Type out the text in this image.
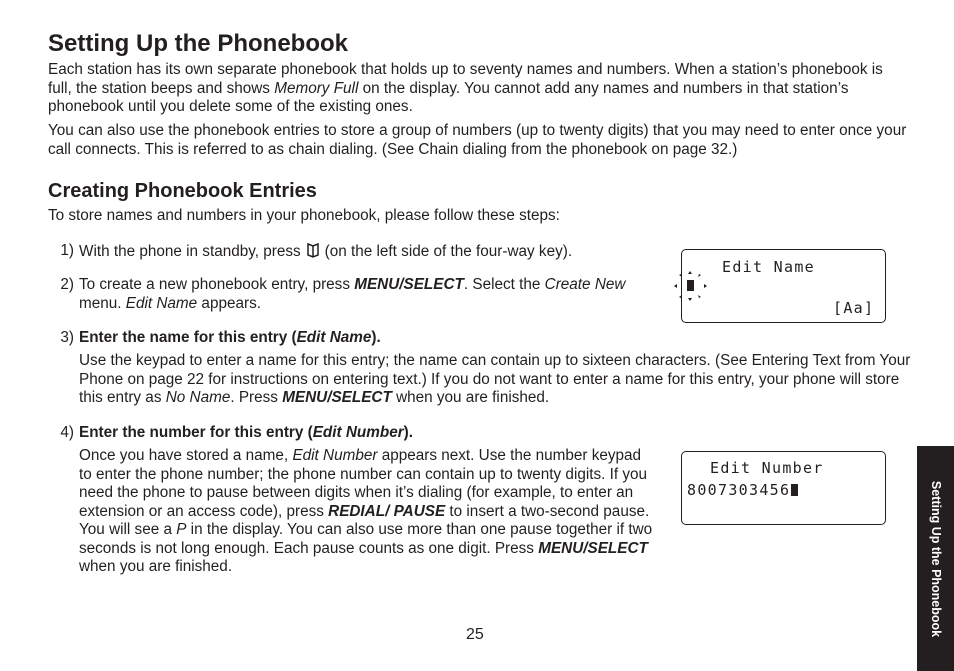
Setting Up the Phonebook

Each station has its own separate phonebook that holds up to seventy names and numbers. When a station’s phonebook is full, the station beeps and shows Memory Full on the display. You cannot add any names and numbers in that station’s phonebook until you delete some of the existing ones.

You can also use the phonebook entries to store a group of numbers (up to twenty digits) that you may need to enter once your call connects. This is referred to as chain dialing. (See Chain dialing from the phonebook on page 32.)

Creating Phonebook Entries

To store names and numbers in your phonebook, please follow these steps:

1) With the phone in standby, press (on the left side of the four-way key).
2) To create a new phonebook entry, press MENU/SELECT. Select the Create New menu. Edit Name appears.

Edit Name
[Aa]
3) Enter the name for this entry (Edit Name).

Use the keypad to enter a name for this entry; the name can contain up to sixteen characters. (See Entering Text from Your Phone on page 22 for instructions on entering text.) If you do not want to enter a name for this entry, your phone will store this entry as No Name. Press MENU/SELECT when you are finished.

4) Enter the number for this entry (Edit Number).

Once you have stored a name, Edit Number appears next. Use the number keypad to enter the phone number; the phone number can contain up to twenty digits. If you need the phone to pause between digits when it’s dialing (for example, to enter an extension or an access code), press REDIAL/ PAUSE to insert a two-second pause. You will see a P in the display. You can also use more than one pause together if two seconds is not long enough. Each pause counts as one digit. Press MENU/SELECT when you are finished.

Edit Number
8007303456
25	Setting Up the Phonebook
